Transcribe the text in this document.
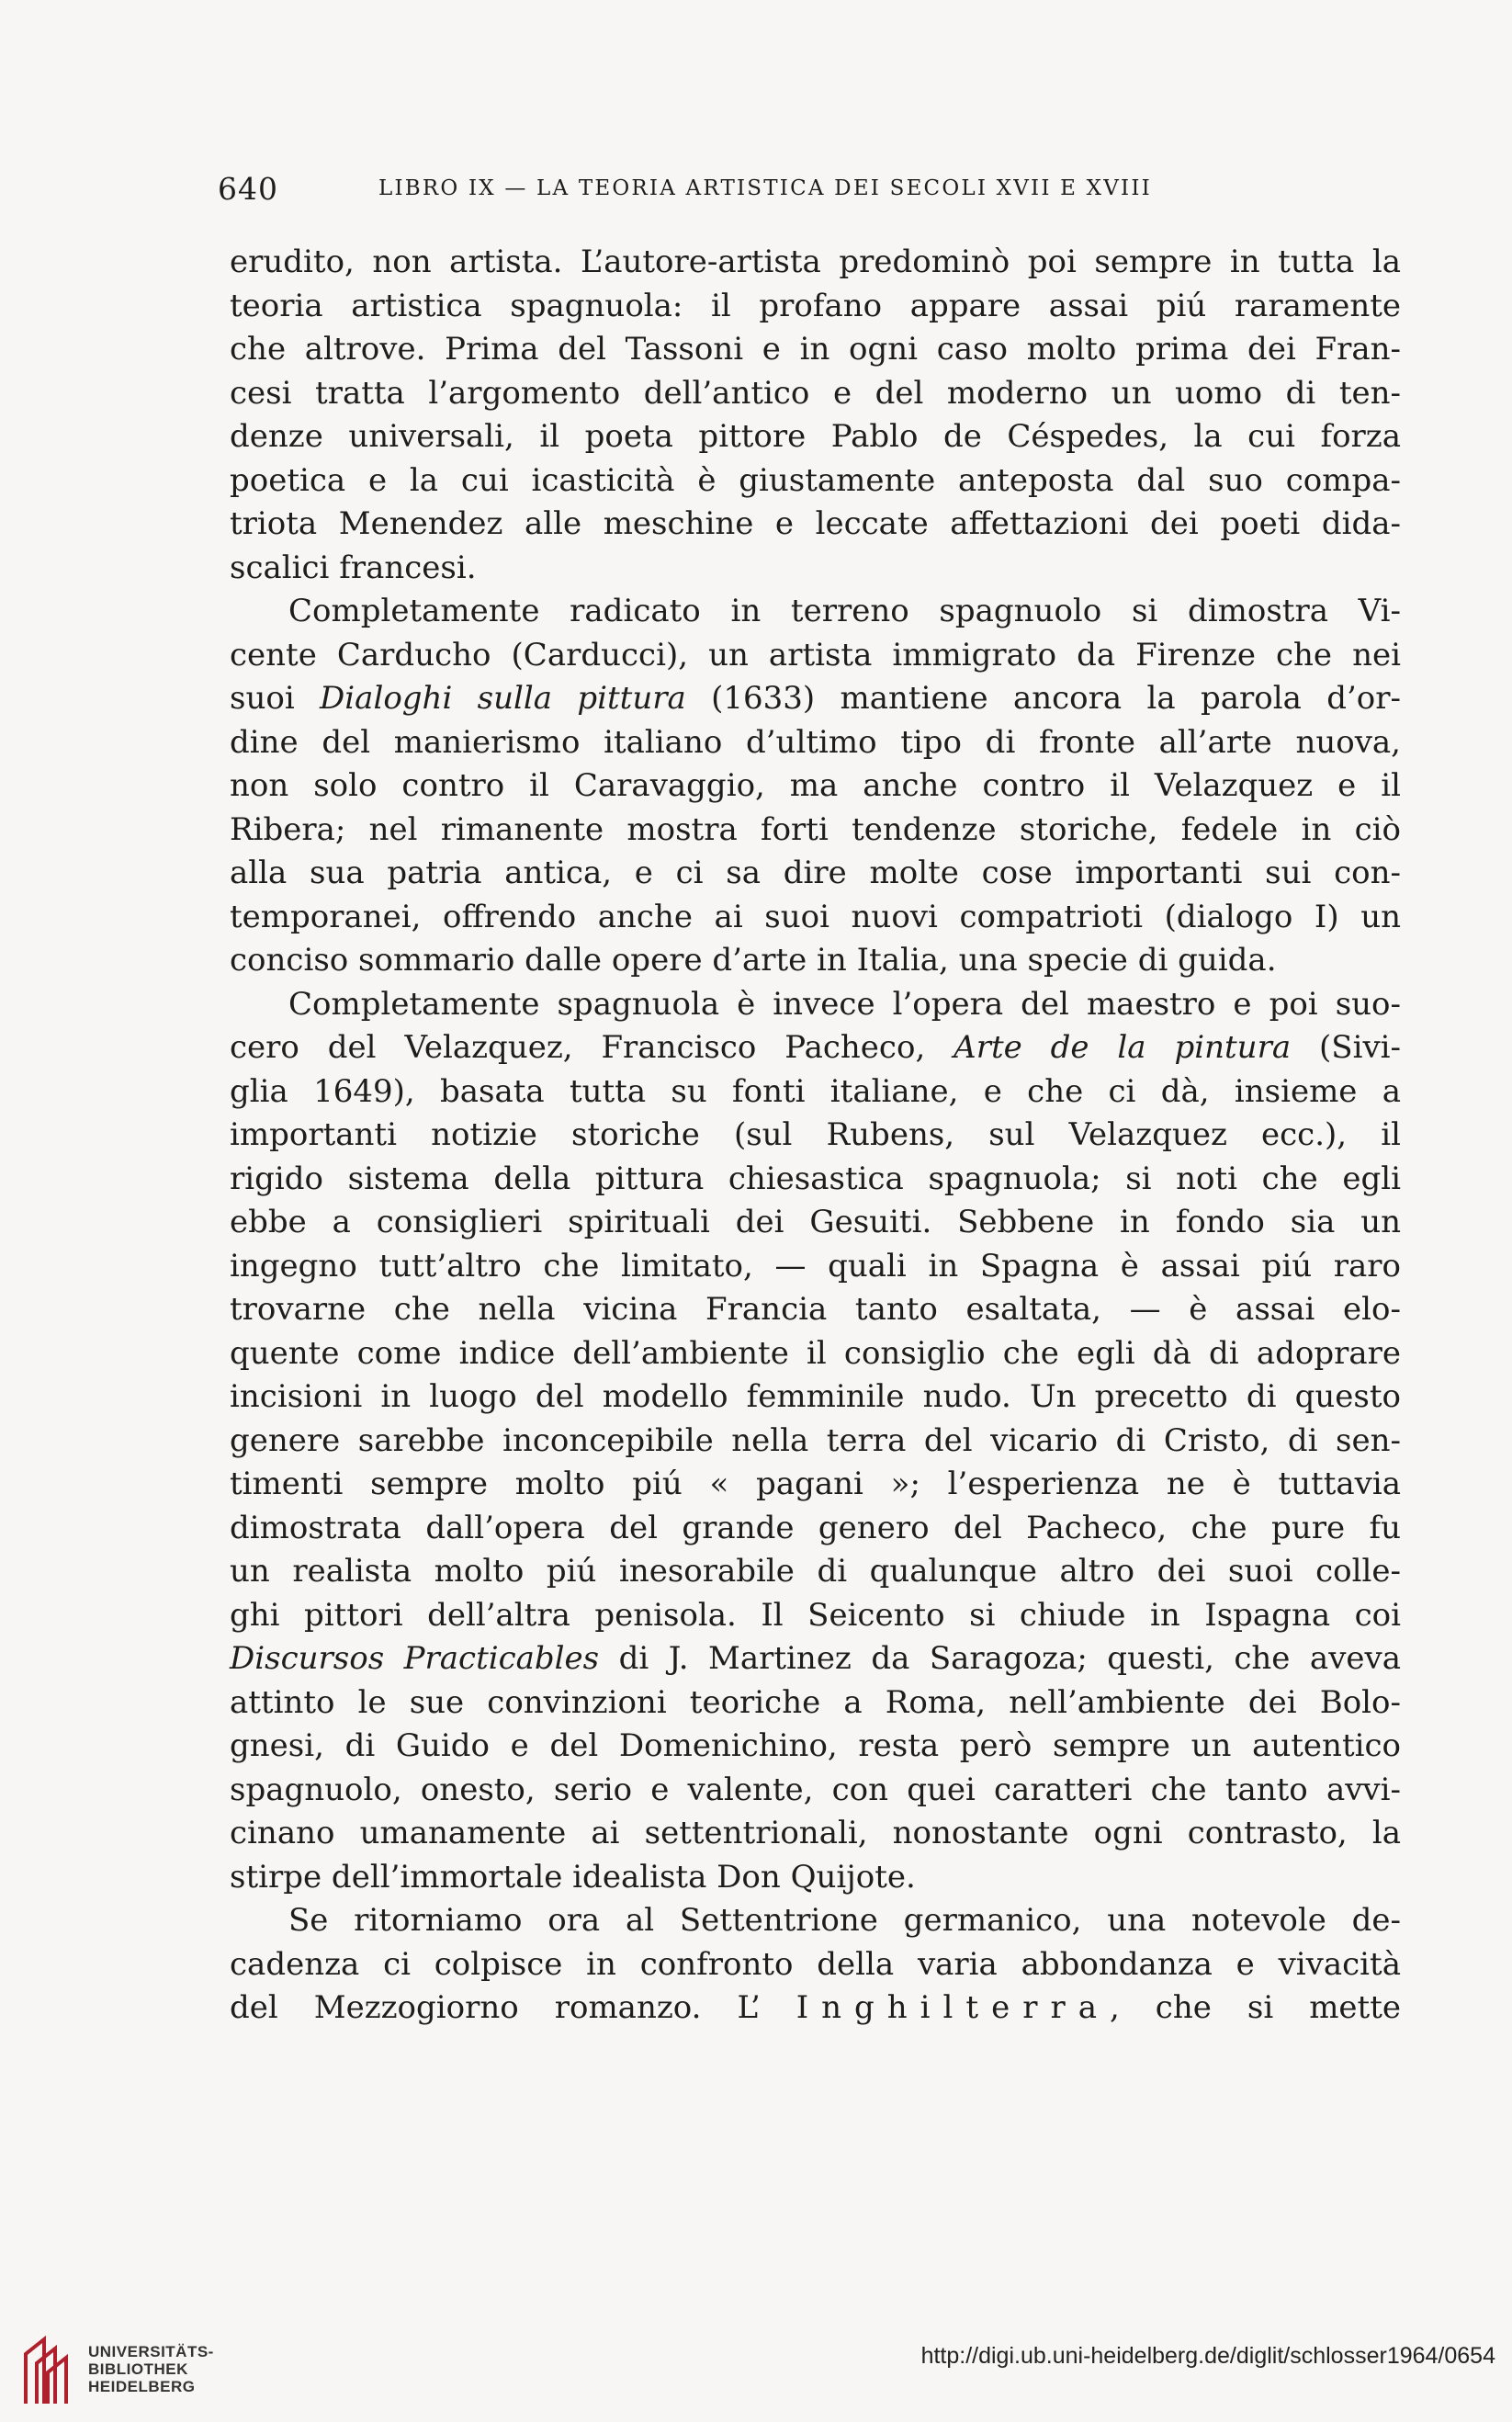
640	LIBRO IX — LA TEORIA ARTISTICA DEI SECOLI XVII E XVIII
erudito, non artista. L’autore-artista predominò poi sempre in tutta la
teoria artistica spagnuola: il profano appare assai piú raramente
che altrove. Prima del Tassoni e in ogni caso molto prima dei Fran-
cesi tratta l’argomento dell’antico e del moderno un uomo di ten-
denze universali, il poeta pittore Pablo de Céspedes, la cui forza
poetica e la cui icasticità è giustamente anteposta dal suo compa-
triota Menendez alle meschine e leccate affettazioni dei poeti dida-
scalici francesi.
Completamente radicato in terreno spagnuolo si dimostra Vi-
cente Carducho (Carducci), un artista immigrato da Firenze che nei
suoi Dialoghi sulla pittura (1633) mantiene ancora la parola d’or-
dine del manierismo italiano d’ultimo tipo di fronte all’arte nuova,
non solo contro il Caravaggio, ma anche contro il Velazquez e il
Ribera; nel rimanente mostra forti tendenze storiche, fedele in ciò
alla sua patria antica, e ci sa dire molte cose importanti sui con-
temporanei, offrendo anche ai suoi nuovi compatrioti (dialogo I) un
conciso sommario dalle opere d’arte in Italia, una specie di guida.
Completamente spagnuola è invece l’opera del maestro e poi suo-
cero del Velazquez, Francisco Pacheco, Arte de la pintura (Sivi-
glia 1649), basata tutta su fonti italiane, e che ci dà, insieme a
importanti notizie storiche (sul Rubens, sul Velazquez ecc.), il
rigido sistema della pittura chiesastica spagnuola; si noti che egli
ebbe a consiglieri spirituali dei Gesuiti. Sebbene in fondo sia un
ingegno tutt’altro che limitato, — quali in Spagna è assai piú raro
trovarne che nella vicina Francia tanto esaltata, — è assai elo-
quente come indice dell’ambiente il consiglio che egli dà di adoprare
incisioni in luogo del modello femminile nudo. Un precetto di questo
genere sarebbe inconcepibile nella terra del vicario di Cristo, di sen-
timenti sempre molto piú « pagani »; l’esperienza ne è tuttavia
dimostrata dall’opera del grande genero del Pacheco, che pure fu
un realista molto piú inesorabile di qualunque altro dei suoi colle-
ghi pittori dell’altra penisola. Il Seicento si chiude in Ispagna coi
Discursos Practicables di J. Martinez da Saragoza; questi, che aveva
attinto le sue convinzioni teoriche a Roma, nell’ambiente dei Bolo-
gnesi, di Guido e del Domenichino, resta però sempre un autentico
spagnuolo, onesto, serio e valente, con quei caratteri che tanto avvi-
cinano umanamente ai settentrionali, nonostante ogni contrasto, la
stirpe dell’immortale idealista Don Quijote.
Se ritorniamo ora al Settentrione germanico, una notevole de-
cadenza ci colpisce in confronto della varia abbondanza e vivacità
del Mezzogiorno romanzo. L’ Inghilterra, che si mette
UNIVERSITÄTS-
BIBLIOTHEK
HEIDELBERG
http://digi.ub.uni-heidelberg.de/diglit/schlosser1964/0654
